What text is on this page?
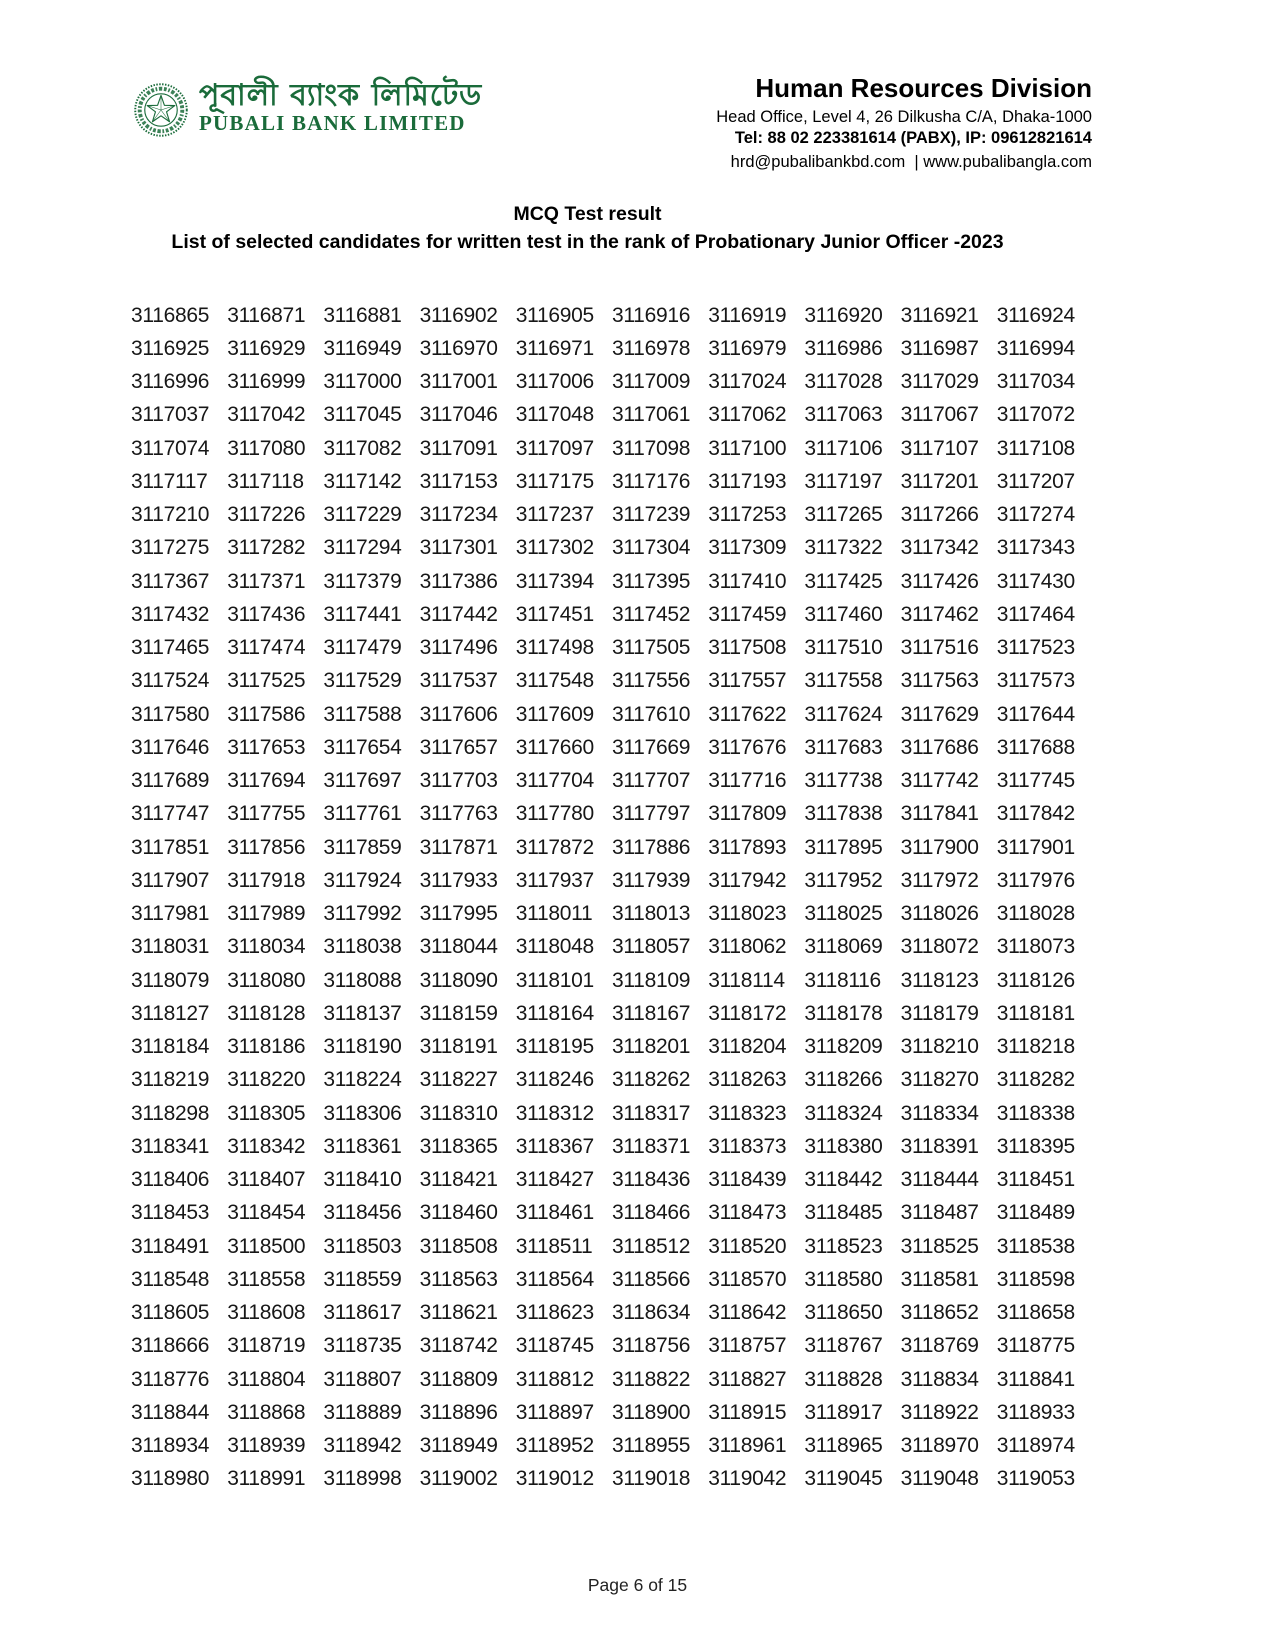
পূবালী ব্যাংক লিমিটেড
PUBALI BANK LIMITED
Human Resources Division
Head Office, Level 4, 26 Dilkusha C/A, Dhaka-1000
Tel: 88 02 223381614 (PABX), IP: 09612821614
hrd@pubalibankbd.com  | www.pubalibangla.com
MCQ Test result
List of selected candidates for written test in the rank of Probationary Junior Officer -2023
3116865 3116871 3116881 3116902 3116905 3116916 3116919 3116920 3116921 3116924
3116925 3116929 3116949 3116970 3116971 3116978 3116979 3116986 3116987 3116994
3116996 3116999 3117000 3117001 3117006 3117009 3117024 3117028 3117029 3117034
3117037 3117042 3117045 3117046 3117048 3117061 3117062 3117063 3117067 3117072
3117074 3117080 3117082 3117091 3117097 3117098 3117100 3117106 3117107 3117108
3117117 3117118 3117142 3117153 3117175 3117176 3117193 3117197 3117201 3117207
3117210 3117226 3117229 3117234 3117237 3117239 3117253 3117265 3117266 3117274
3117275 3117282 3117294 3117301 3117302 3117304 3117309 3117322 3117342 3117343
3117367 3117371 3117379 3117386 3117394 3117395 3117410 3117425 3117426 3117430
3117432 3117436 3117441 3117442 3117451 3117452 3117459 3117460 3117462 3117464
3117465 3117474 3117479 3117496 3117498 3117505 3117508 3117510 3117516 3117523
3117524 3117525 3117529 3117537 3117548 3117556 3117557 3117558 3117563 3117573
3117580 3117586 3117588 3117606 3117609 3117610 3117622 3117624 3117629 3117644
3117646 3117653 3117654 3117657 3117660 3117669 3117676 3117683 3117686 3117688
3117689 3117694 3117697 3117703 3117704 3117707 3117716 3117738 3117742 3117745
3117747 3117755 3117761 3117763 3117780 3117797 3117809 3117838 3117841 3117842
3117851 3117856 3117859 3117871 3117872 3117886 3117893 3117895 3117900 3117901
3117907 3117918 3117924 3117933 3117937 3117939 3117942 3117952 3117972 3117976
3117981 3117989 3117992 3117995 3118011 3118013 3118023 3118025 3118026 3118028
3118031 3118034 3118038 3118044 3118048 3118057 3118062 3118069 3118072 3118073
3118079 3118080 3118088 3118090 3118101 3118109 3118114 3118116 3118123 3118126
3118127 3118128 3118137 3118159 3118164 3118167 3118172 3118178 3118179 3118181
3118184 3118186 3118190 3118191 3118195 3118201 3118204 3118209 3118210 3118218
3118219 3118220 3118224 3118227 3118246 3118262 3118263 3118266 3118270 3118282
3118298 3118305 3118306 3118310 3118312 3118317 3118323 3118324 3118334 3118338
3118341 3118342 3118361 3118365 3118367 3118371 3118373 3118380 3118391 3118395
3118406 3118407 3118410 3118421 3118427 3118436 3118439 3118442 3118444 3118451
3118453 3118454 3118456 3118460 3118461 3118466 3118473 3118485 3118487 3118489
3118491 3118500 3118503 3118508 3118511 3118512 3118520 3118523 3118525 3118538
3118548 3118558 3118559 3118563 3118564 3118566 3118570 3118580 3118581 3118598
3118605 3118608 3118617 3118621 3118623 3118634 3118642 3118650 3118652 3118658
3118666 3118719 3118735 3118742 3118745 3118756 3118757 3118767 3118769 3118775
3118776 3118804 3118807 3118809 3118812 3118822 3118827 3118828 3118834 3118841
3118844 3118868 3118889 3118896 3118897 3118900 3118915 3118917 3118922 3118933
3118934 3118939 3118942 3118949 3118952 3118955 3118961 3118965 3118970 3118974
3118980 3118991 3118998 3119002 3119012 3119018 3119042 3119045 3119048 3119053
Page 6 of 15
